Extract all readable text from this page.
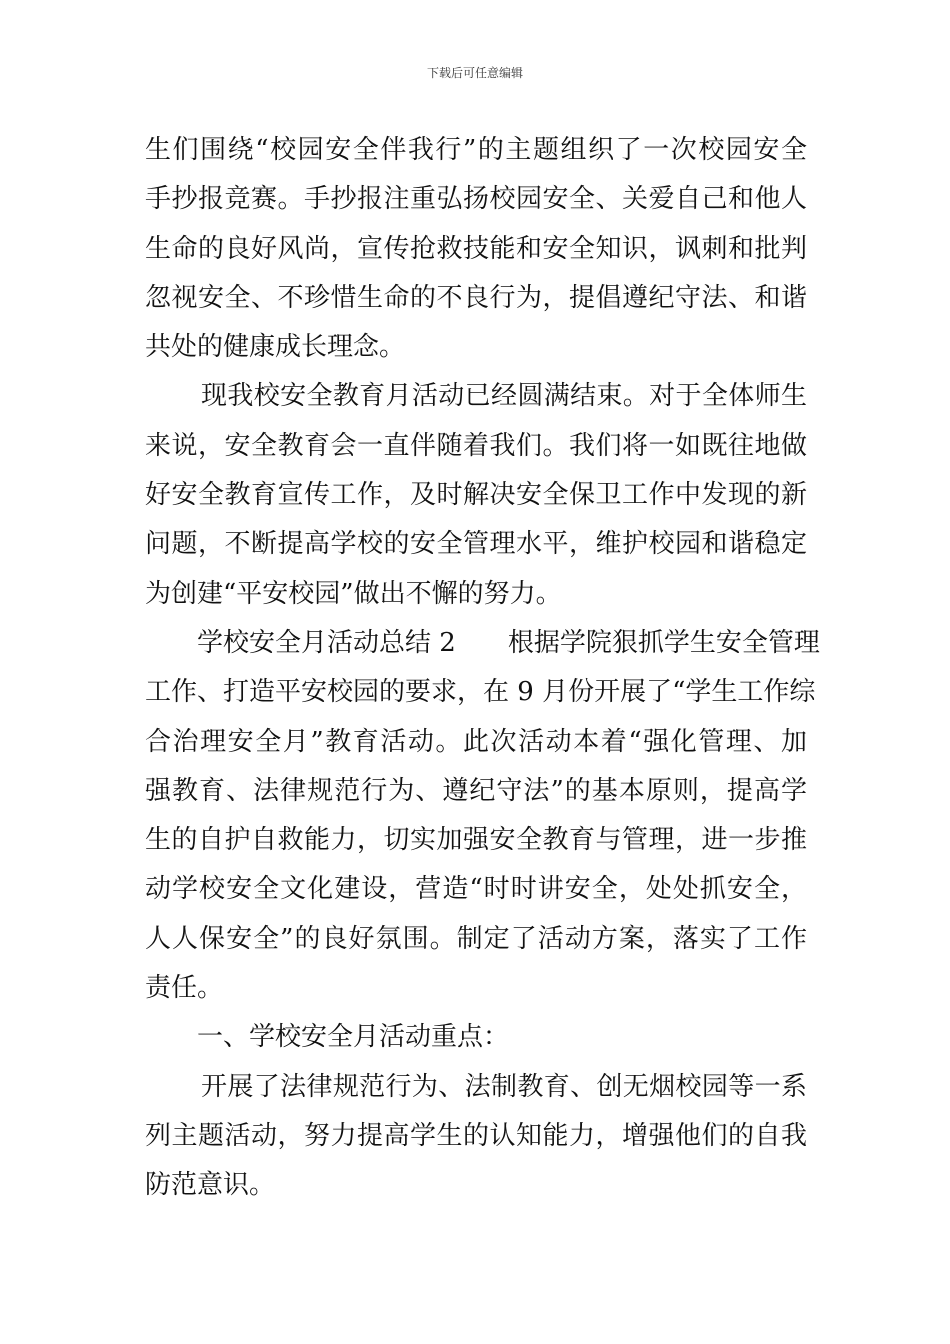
下载后可任意编辑
生们围绕“校园安全伴我行”的主题组织了一次校园安全
手抄报竞赛。手抄报注重弘扬校园安全、关爱自己和他人
生命的良好风尚，宣传抢救技能和安全知识，讽刺和批判
忽视安全、不珍惜生命的不良行为，提倡遵纪守法、和谐
共处的健康成长理念。
现我校安全教育月活动已经圆满结束。对于全体师生
来说，安全教育会一直伴随着我们。我们将一如既往地做
好安全教育宣传工作，及时解决安全保卫工作中发现的新
问题，不断提高学校的安全管理水平，维护校园和谐稳定
为创建“平安校园”做出不懈的努力。
学校安全月活动总结 2 根据学院狠抓学生安全管理
工作、打造平安校园的要求，在 9 月份开展了“学生工作综
合治理安全月”教育活动。此次活动本着“强化管理、加
强教育、法律规范行为、遵纪守法”的基本原则，提高学
生的自护自救能力，切实加强安全教育与管理，进一步推
动学校安全文化建设，营造“时时讲安全，处处抓安全，
人人保安全”的良好氛围。制定了活动方案，落实了工作
责任。
一、学校安全月活动重点：
开展了法律规范行为、法制教育、创无烟校园等一系
列主题活动，努力提高学生的认知能力，增强他们的自我
防范意识。
